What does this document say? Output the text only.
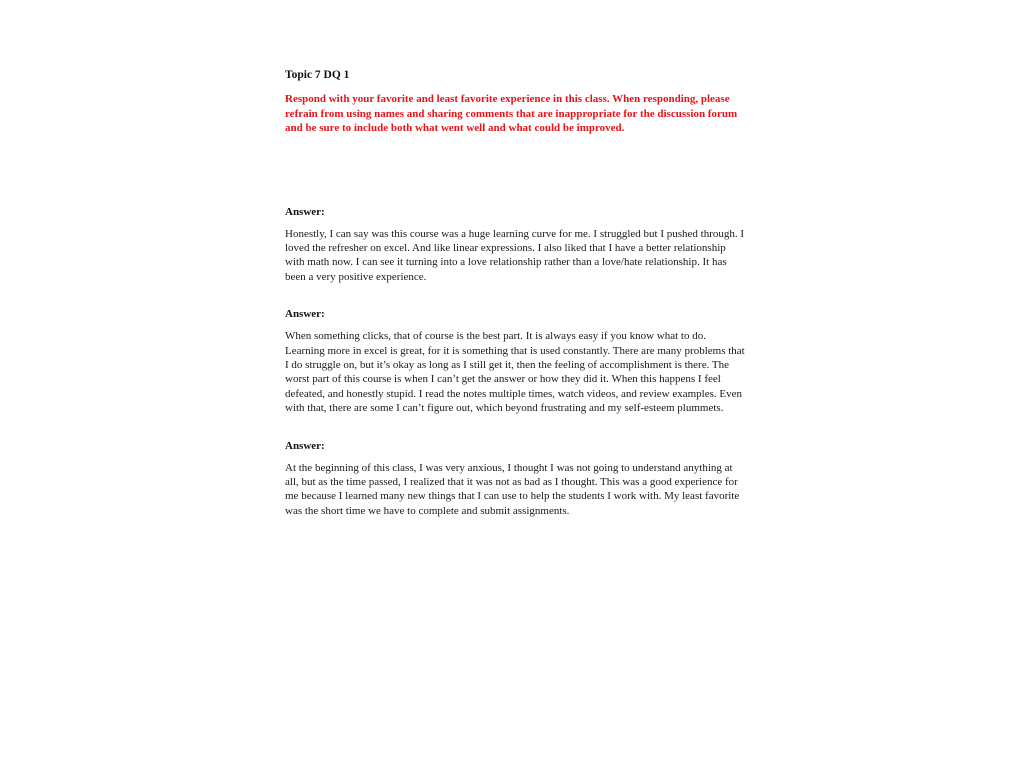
Topic 7 DQ 1

Respond with your favorite and least favorite experience in this class. When responding, please refrain from using names and sharing comments that are inappropriate for the discussion forum and be sure to include both what went well and what could be improved.

Answer:

Honestly, I can say was this course was a huge learning curve for me. I struggled but I pushed through. I loved the refresher on excel. And like linear expressions. I also liked that I have a better relationship with math now. I can see it turning into a love relationship rather than a love/hate relationship. It has been a very positive experience.

Answer:

When something clicks, that of course is the best part. It is always easy if you know what to do. Learning more in excel is great, for it is something that is used constantly. There are many problems that I do struggle on, but it’s okay as long as I still get it, then the feeling of accomplishment is there. The worst part of this course is when I can’t get the answer or how they did it. When this happens I feel defeated, and honestly stupid. I read the notes multiple times, watch videos, and review examples. Even with that, there are some I can’t figure out, which beyond frustrating and my self-esteem plummets.

Answer:

At the beginning of this class, I was very anxious, I thought I was not going to understand anything at all, but as the time passed, I realized that it was not as bad as I thought. This was a good experience for me because I learned many new things that I can use to help the students I work with. My least favorite was the short time we have to complete and submit assignments.
